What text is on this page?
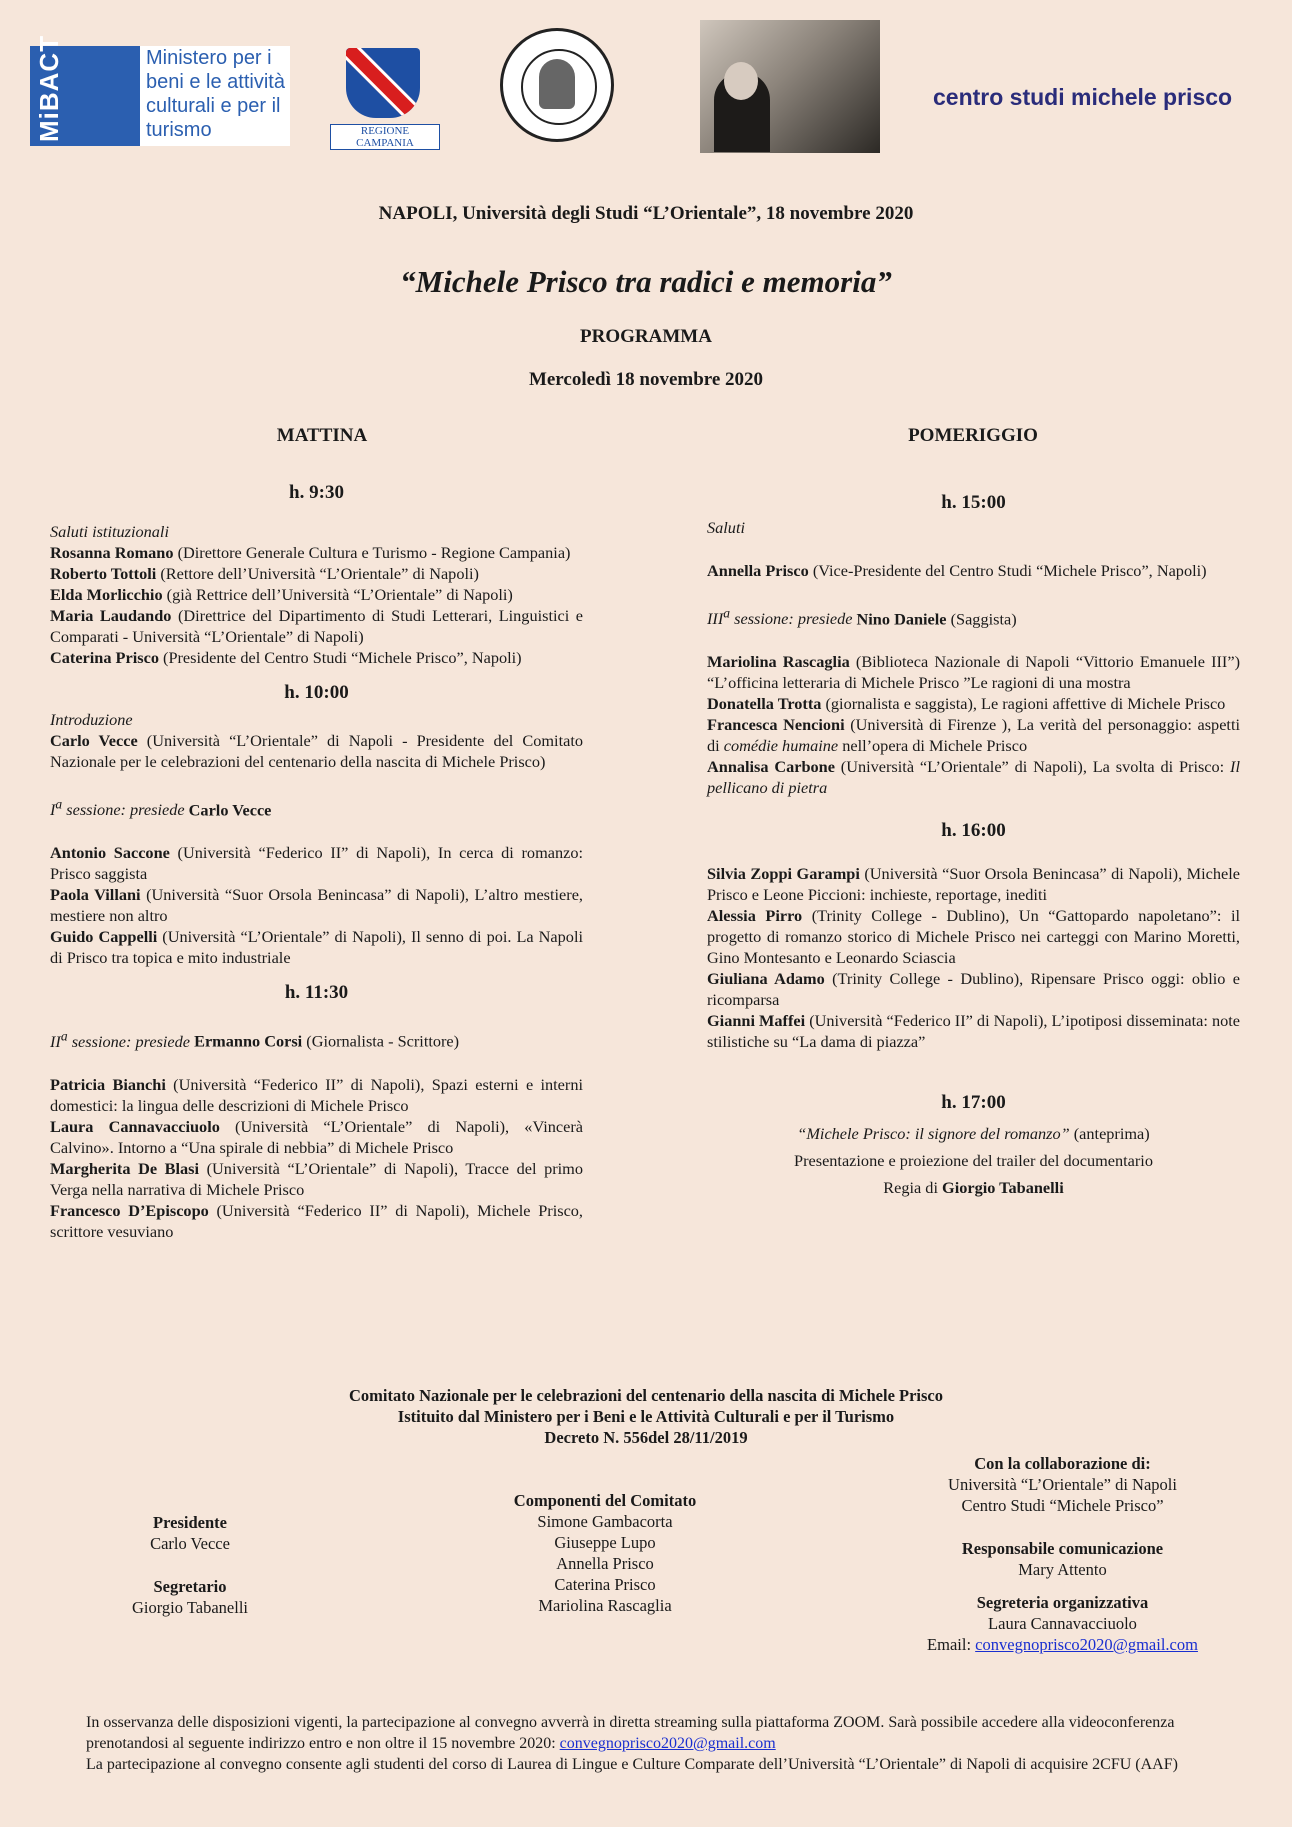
MiBACT	Ministero per i beni e le attività culturali e per il turismo	REGIONE CAMPANIA
centro studi michele prisco
NAPOLI, Università degli Studi “L’Orientale”, 18 novembre 2020
“Michele Prisco tra radici e memoria”
PROGRAMMA
Mercoledì 18 novembre 2020
MATTINA	POMERIGGIO
h. 9:30

Saluti istituzionali

Rosanna Romano (Direttore Generale Cultura e Turismo - Regione Campania)

Roberto Tottoli (Rettore dell’Università “L’Orientale” di Napoli)

Elda Morlicchio (già Rettrice dell’Università “L’Orientale” di Napoli)

Maria Laudando (Direttrice del Dipartimento di Studi Letterari, Linguistici e Comparati - Università “L’Orientale” di Napoli)

Caterina Prisco (Presidente del Centro Studi “Michele Prisco”, Napoli)

h. 10:00

Introduzione

Carlo Vecce (Università “L’Orientale” di Napoli - Presidente del Comitato Nazionale per le celebrazioni del centenario della nascita di Michele Prisco)

$I^a$ sessione: presiede Carlo Vecce

Antonio Saccone (Università “Federico II” di Napoli), In cerca di romanzo: Prisco saggista

Paola Villani (Università “Suor Orsola Benincasa” di Napoli), L’altro mestiere, mestiere non altro

Guido Cappelli (Università “L’Orientale” di Napoli), Il senno di poi. La Napoli di Prisco tra topica e mito industriale

h. 11:30

$II^a$ sessione: presiede Ermanno Corsi (Giornalista - Scrittore)

Patricia Bianchi (Università “Federico II” di Napoli), Spazi esterni e interni domestici: la lingua delle descrizioni di Michele Prisco

Laura Cannavacciuolo (Università “L’Orientale” di Napoli), «Vincerà Calvino». Intorno a “Una spirale di nebbia” di Michele Prisco

Margherita De Blasi (Università “L’Orientale” di Napoli), Tracce del primo Verga nella narrativa di Michele Prisco

Francesco D’Episcopo (Università “Federico II” di Napoli), Michele Prisco, scrittore vesuviano

h. 15:00

Saluti

Annella Prisco (Vice-Presidente del Centro Studi “Michele Prisco”, Napoli)

III$^a$ sessione: presiede Nino Daniele (Saggista)

Mariolina Rascaglia (Biblioteca Nazionale di Napoli “Vittorio Emanuele III”) “L’officina letteraria di Michele Prisco ”Le ragioni di una mostra

Donatella Trotta (giornalista e saggista), Le ragioni affettive di Michele Prisco

Francesca Nencioni (Università di Firenze ), La verità del personaggio: aspetti di comédie humaine nell’opera di Michele Prisco

Annalisa Carbone (Università “L’Orientale” di Napoli), La svolta di Prisco: Il pellicano di pietra

h. 16:00

Silvia Zoppi Garampi (Università “Suor Orsola Benincasa” di Napoli), Michele Prisco e Leone Piccioni: inchieste, reportage, inediti

Alessia Pirro (Trinity College - Dublino), Un “Gattopardo napoletano”: il progetto di romanzo storico di Michele Prisco nei carteggi con Marino Moretti, Gino Montesanto e Leonardo Sciascia

Giuliana Adamo (Trinity College - Dublino), Ripensare Prisco oggi: oblio e ricomparsa

Gianni Maffei (Università “Federico II” di Napoli), L’ipotiposi disseminata: note stilistiche su “La dama di piazza”

h. 17:00
“Michele Prisco: il signore del romanzo” (anteprima)
Presentazione e proiezione del trailer del documentario
Regia di Giorgio Tabanelli
Comitato Nazionale per le celebrazioni del centenario della nascita di Michele Prisco
Istituito dal Ministero per i Beni e le Attività Culturali e per il Turismo
Decreto N. 556del 28/11/2019
Presidente
Carlo Vecce
Segretario
Giorgio Tabanelli
Componenti del Comitato
Simone Gambacorta
Giuseppe Lupo
Annella Prisco
Caterina Prisco
Mariolina Rascaglia
Con la collaborazione di:
Università “L’Orientale” di Napoli
Centro Studi “Michele Prisco”
Responsabile comunicazione
Mary Attento
Segreteria organizzativa
Laura Cannavacciuolo
Email: convegnoprisco2020@gmail.com
In osservanza delle disposizioni vigenti, la partecipazione al convegno avverrà in diretta streaming sulla piattaforma ZOOM. Sarà possibile accedere alla videoconferenza prenotandosi al seguente indirizzo entro e non oltre il 15 novembre 2020: convegnoprisco2020@gmail.com
La partecipazione al convegno consente agli studenti del corso di Laurea di Lingue e Culture Comparate dell’Università “L’Orientale” di Napoli di acquisire 2CFU (AAF)
